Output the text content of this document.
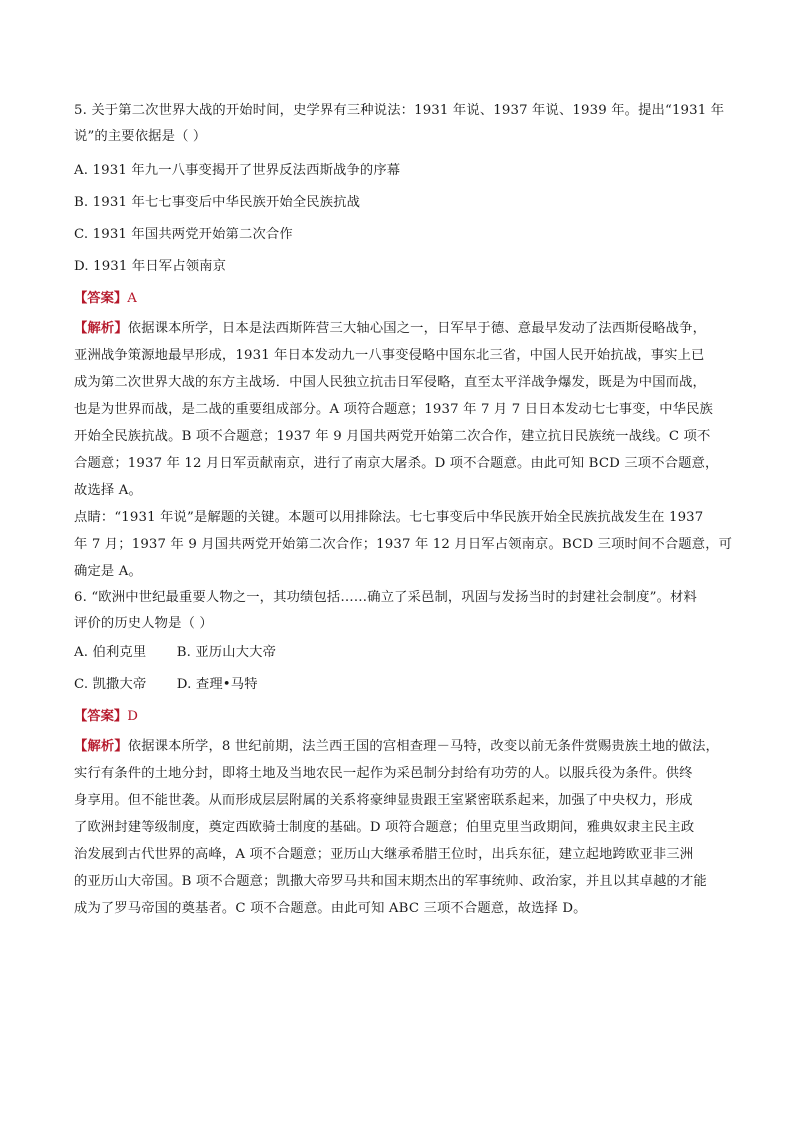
5. 关于第二次世界大战的开始时间，史学界有三种说法：1931 年说、1937 年说、1939 年。提出“1931 年

说”的主要依据是（ ）

A. 1931 年九一八事变揭开了世界反法西斯战争的序幕

B. 1931 年七七事变后中华民族开始全民族抗战

C. 1931 年国共两党开始第二次合作

D. 1931 年日军占领南京

【答案】A

【解析】依据课本所学，日本是法西斯阵营三大轴心国之一，日军早于德、意最早发动了法西斯侵略战争，

亚洲战争策源地最早形成，1931 年日本发动九一八事变侵略中国东北三省，中国人民开始抗战，事实上已

成为第二次世界大战的东方主战场．中国人民独立抗击日军侵略，直至太平洋战争爆发，既是为中国而战，

也是为世界而战，是二战的重要组成部分。A 项符合题意；1937 年 7 月 7 日日本发动七七事变，中华民族

开始全民族抗战。B 项不合题意；1937 年 9 月国共两党开始第二次合作，建立抗日民族统一战线。C 项不

合题意；1937 年 12 月日军贡献南京，进行了南京大屠杀。D 项不合题意。由此可知 BCD 三项不合题意，

故选择 A。

点睛：“1931 年说”是解题的关键。本题可以用排除法。七七事变后中华民族开始全民族抗战发生在 1937

年 7 月；1937 年 9 月国共两党开始第二次合作；1937 年 12 月日军占领南京。BCD 三项时间不合题意，可

确定是 A。

6. “欧洲中世纪最重要人物之一，其功绩包括……确立了采邑制，巩固与发扬当时的封建社会制度”。材料

评价的历史人物是（ ）

A. 伯利克里 B. 亚历山大大帝

C. 凯撒大帝 D. 查理•马特

【答案】D

【解析】依据课本所学，8 世纪前期，法兰西王国的宫相查理－马特，改变以前无条件赏赐贵族土地的做法，

实行有条件的土地分封，即将土地及当地农民一起作为采邑制分封给有功劳的人。以服兵役为条件。供终

身享用。但不能世袭。从而形成层层附属的关系将豪绅显贵跟王室紧密联系起来，加强了中央权力，形成

了欧洲封建等级制度，奠定西欧骑士制度的基础。D 项符合题意；伯里克里当政期间，雅典奴隶主民主政

治发展到古代世界的高峰，A 项不合题意；亚历山大继承希腊王位时，出兵东征，建立起地跨欧亚非三洲

的亚历山大帝国。B 项不合题意；凯撒大帝罗马共和国末期杰出的军事统帅、政治家，并且以其卓越的才能

成为了罗马帝国的奠基者。C 项不合题意。由此可知 ABC 三项不合题意，故选择 D。
